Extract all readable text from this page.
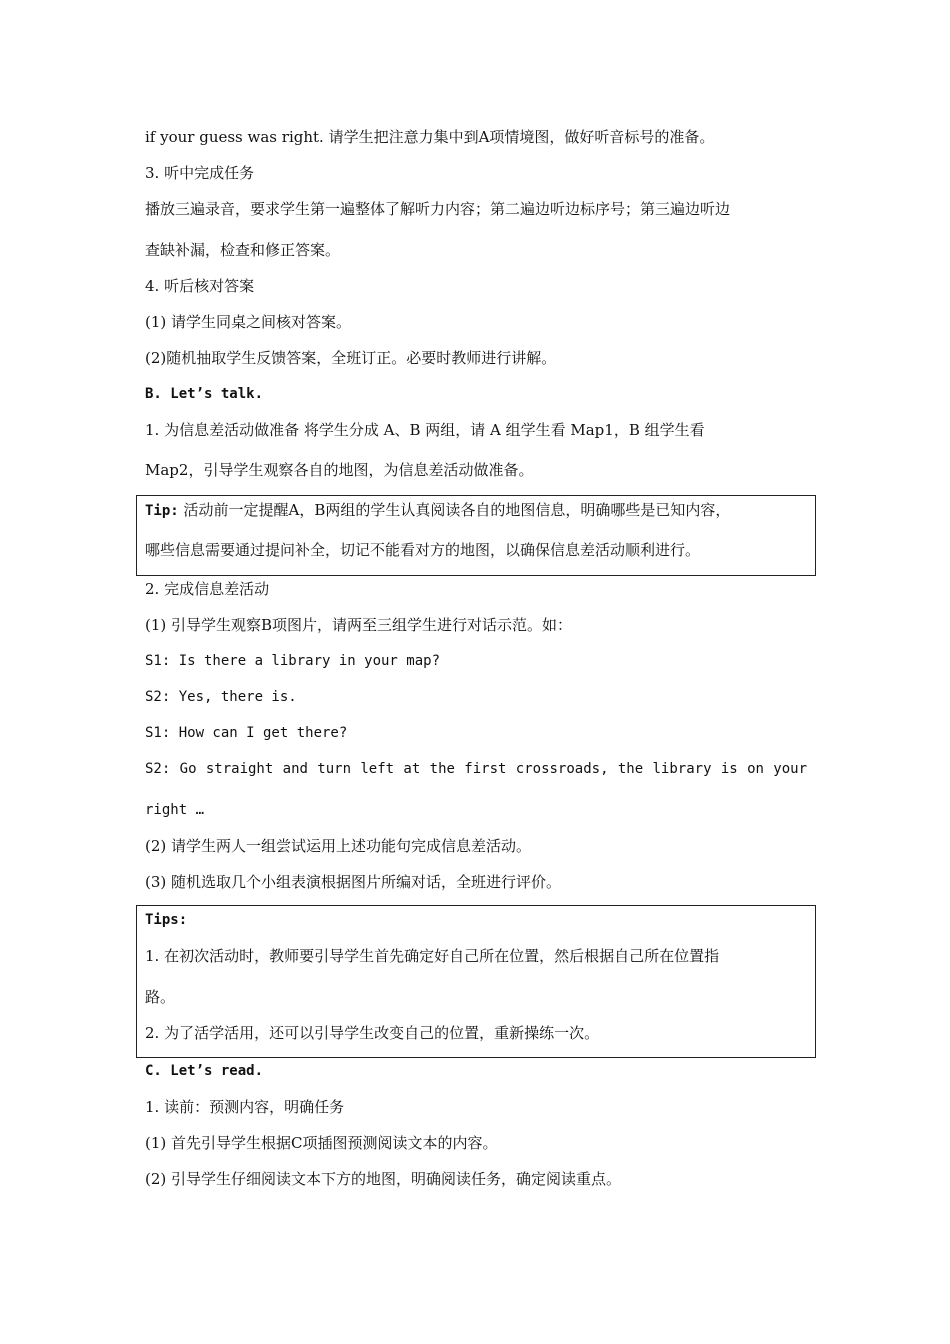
if your guess was right. 请学生把注意力集中到A项情境图，做好听音标号的准备。
3. 听中完成任务
播放三遍录音，要求学生第一遍整体了解听力内容；第二遍边听边标序号；第三遍边听边
查缺补漏，检查和修正答案。
4. 听后核对答案
(1) 请学生同桌之间核对答案。
(2)随机抽取学生反馈答案，全班订正。必要时教师进行讲解。
B. Let’s talk.
1. 为信息差活动做准备 将学生分成 A、B 两组，请 A 组学生看 Map1，B 组学生看
Map2，引导学生观察各自的地图，为信息差活动做准备。
Tip: 活动前一定提醒A，B两组的学生认真阅读各自的地图信息，明确哪些是已知内容，
哪些信息需要通过提问补全，切记不能看对方的地图，以确保信息差活动顺利进行。
2. 完成信息差活动
(1) 引导学生观察B项图片，请两至三组学生进行对话示范。如：
S1: Is there a library in your map?
S2: Yes, there is.
S1: How can I get there?
S2: Go straight and turn left at the first crossroads, the library is on your
right …
(2) 请学生两人一组尝试运用上述功能句完成信息差活动。
(3) 随机选取几个小组表演根据图片所编对话，全班进行评价。
Tips:
1. 在初次活动时，教师要引导学生首先确定好自己所在位置，然后根据自己所在位置指
路。
2. 为了活学活用，还可以引导学生改变自己的位置，重新操练一次。
C. Let’s read.
1. 读前：预测内容，明确任务
(1) 首先引导学生根据C项插图预测阅读文本的内容。
(2) 引导学生仔细阅读文本下方的地图，明确阅读任务，确定阅读重点。
